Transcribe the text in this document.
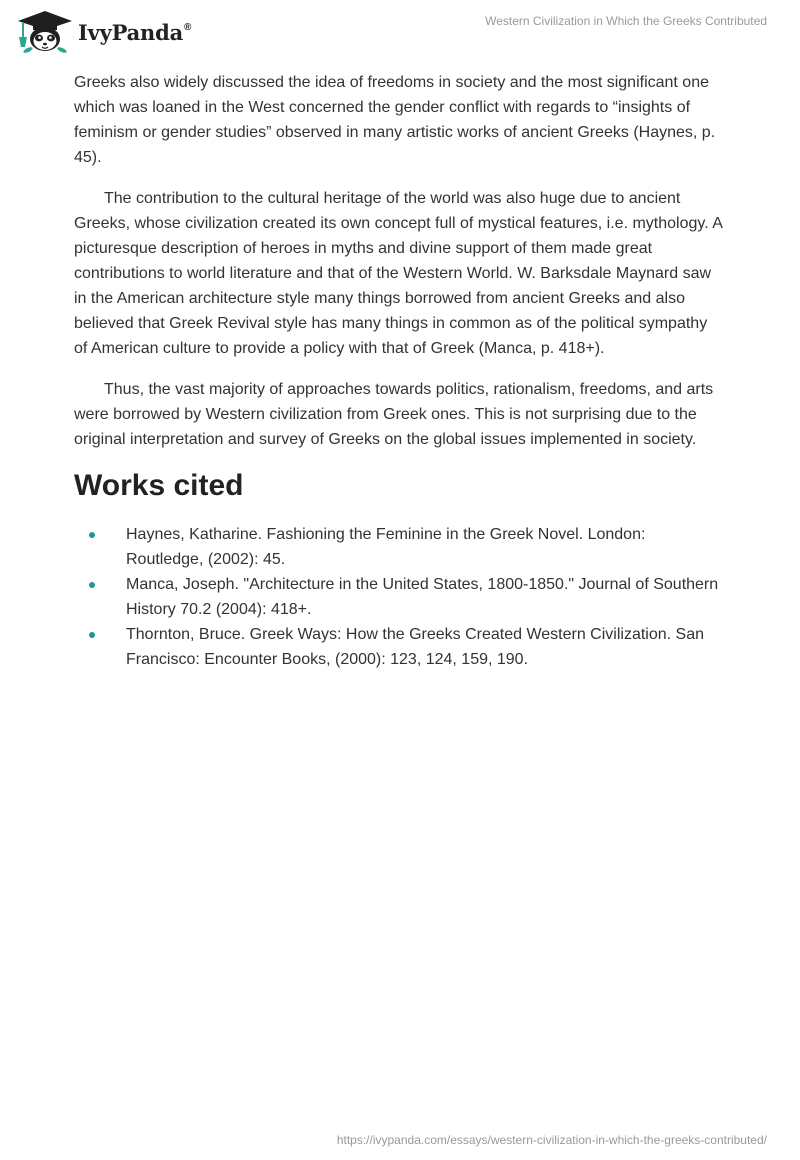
IvyPanda®	Western Civilization in Which the Greeks Contributed

Greeks also widely discussed the idea of freedoms in society and the most significant one which was loaned in the West concerned the gender conflict with regards to “insights of feminism or gender studies” observed in many artistic works of ancient Greeks (Haynes, p. 45).

The contribution to the cultural heritage of the world was also huge due to ancient Greeks, whose civilization created its own concept full of mystical features, i.e. mythology. A picturesque description of heroes in myths and divine support of them made great contributions to world literature and that of the Western World. W. Barksdale Maynard saw in the American architecture style many things borrowed from ancient Greeks and also believed that Greek Revival style has many things in common as of the political sympathy of American culture to provide a policy with that of Greek (Manca, p. 418+).

Thus, the vast majority of approaches towards politics, rationalism, freedoms, and arts were borrowed by Western civilization from Greek ones. This is not surprising due to the original interpretation and survey of Greeks on the global issues implemented in society.

Works cited
Haynes, Katharine. Fashioning the Feminine in the Greek Novel. London: Routledge, (2002): 45.
Manca, Joseph. "Architecture in the United States, 1800-1850." Journal of Southern History 70.2 (2004): 418+.
Thornton, Bruce. Greek Ways: How the Greeks Created Western Civilization. San Francisco: Encounter Books, (2000): 123, 124, 159, 190.
https://ivypanda.com/essays/western-civilization-in-which-the-greeks-contributed/
